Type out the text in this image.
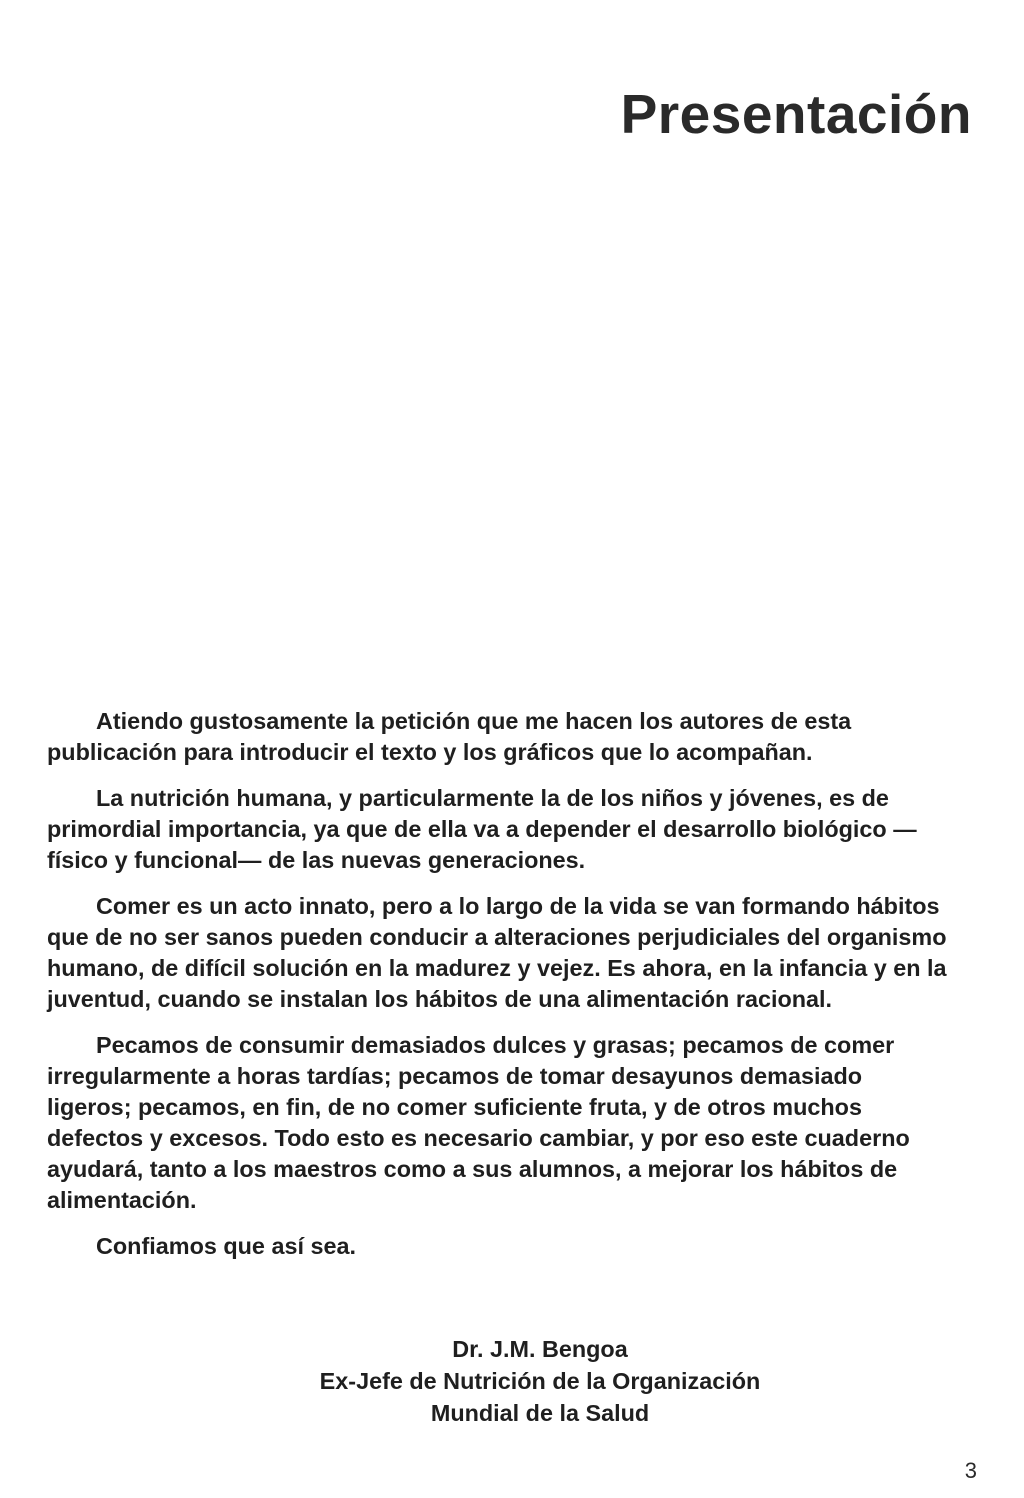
Presentación

Atiendo gustosamente la petición que me hacen los autores de esta publicación para introducir el texto y los gráficos que lo acompañan.

La nutrición humana, y particularmente la de los niños y jóvenes, es de primordial importancia, ya que de ella va a depender el desarrollo biológico —físico y funcional— de las nuevas generaciones.

Comer es un acto innato, pero a lo largo de la vida se van formando hábitos que de no ser sanos pueden conducir a alteraciones perjudiciales del organismo humano, de difícil solución en la madurez y vejez. Es ahora, en la infancia y en la juventud, cuando se instalan los hábitos de una alimentación racional.

Pecamos de consumir demasiados dulces y grasas; pecamos de comer irregularmente a horas tardías; pecamos de tomar desayunos demasiado ligeros; pecamos, en fin, de no comer suficiente fruta, y de otros muchos defectos y excesos. Todo esto es necesario cambiar, y por eso este cuaderno ayudará, tanto a los maestros como a sus alumnos, a mejorar los hábitos de alimentación.

Confiamos que así sea.

Dr. J.M. Bengoa
Ex-Jefe de Nutrición de la Organización
Mundial de la Salud
3
